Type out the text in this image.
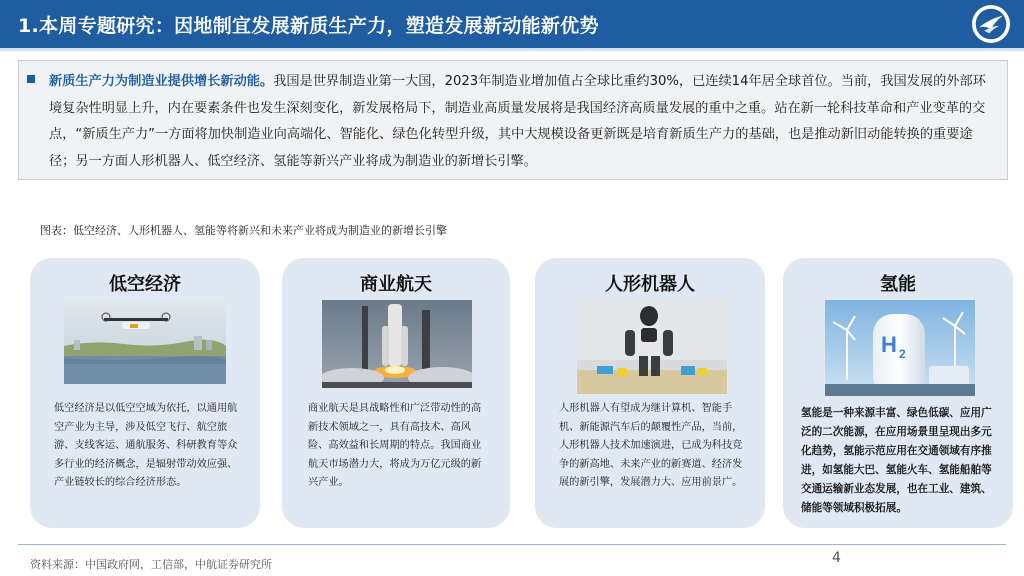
1.本周专题研究：因地制宜发展新质生产力，塑造发展新动能新优势
新质生产力为制造业提供增长新动能。我国是世界制造业第一大国，2023年制造业增加值占全球比重约30%，已连续14年居全球首位。当前，我国发展的外部环境复杂性明显上升，内在要素条件也发生深刻变化，新发展格局下，制造业高质量发展将是我国经济高质量发展的重中之重。站在新一轮科技革命和产业变革的交点，“新质生产力”一方面将加快制造业向高端化、智能化、绿色化转型升级，其中大规模设备更新既是培育新质生产力的基础，也是推动新旧动能转换的重要途径；另一方面人形机器人、低空经济、氢能等新兴产业将成为制造业的新增长引擎。
图表：低空经济、人形机器人、氢能等将新兴和未来产业将成为制造业的新增长引擎
低空经济
低空经济是以低空空域为依托，以通用航空产业为主导，涉及低空飞行、航空旅游、支线客运、通航服务、科研教育等众多行业的经济概念，是辐射带动效应强、产业链较长的综合经济形态。
商业航天
商业航天是具战略性和广泛带动性的高新技术领域之一，具有高技术、高风险、高效益和长周期的特点。我国商业航天市场潜力大，将成为万亿元级的新兴产业。
人形机器人
人形机器人有望成为继计算机、智能手机、新能源汽车后的颠覆性产品，当前，人形机器人技术加速演进，已成为科技竞争的新高地、未来产业的新赛道、经济发展的新引擎，发展潜力大、应用前景广。
氢能
H 2
氢能是一种来源丰富、绿色低碳、应用广泛的二次能源，在应用场景里呈现出多元化趋势，氢能示范应用在交通领域有序推进，如氢能大巴、氢能火车、氢能船舶等交通运输新业态发展，也在工业、建筑、储能等领域积极拓展。
资料来源：中国政府网，工信部，中航证券研究所	4
